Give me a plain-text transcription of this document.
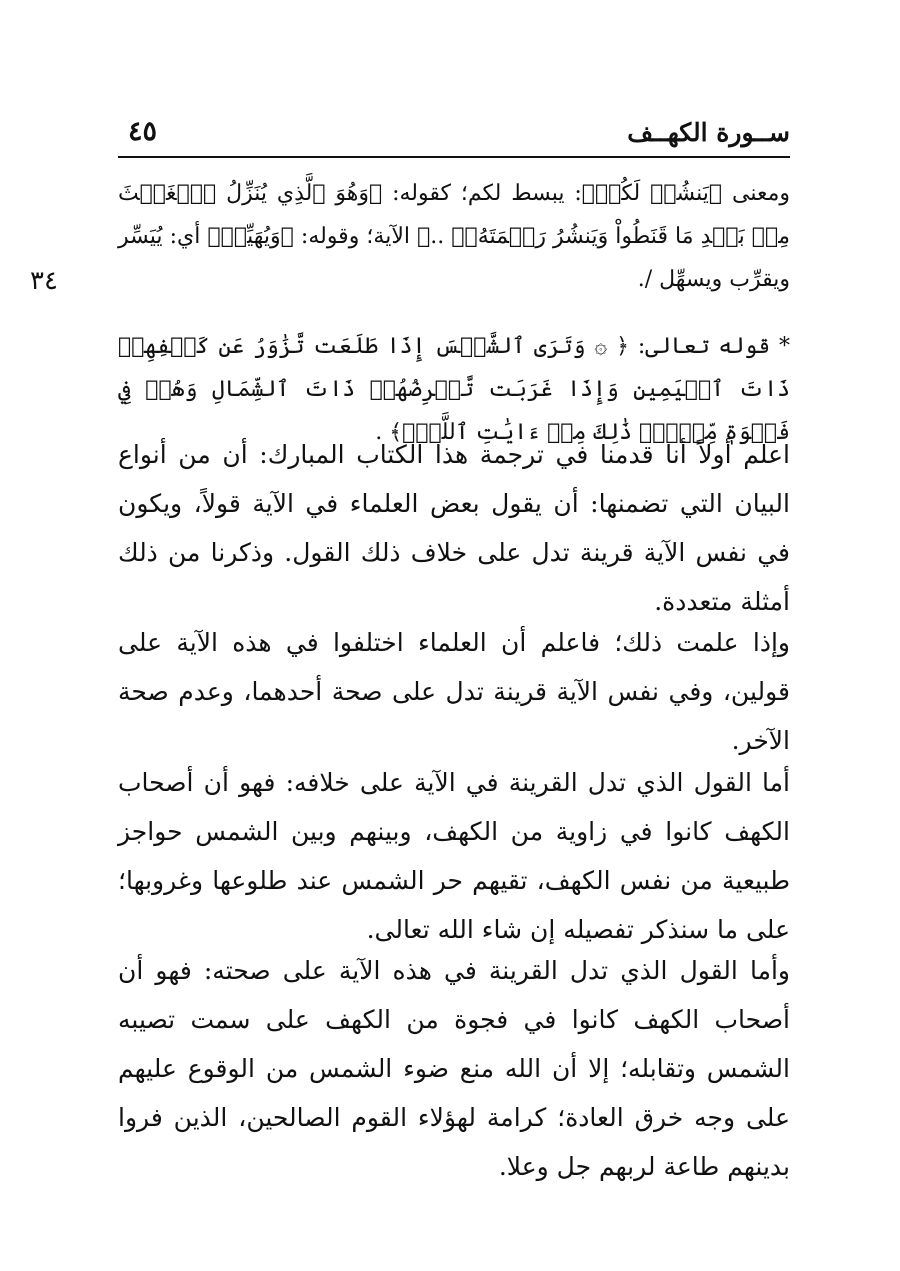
ســورة الكهــف
٤٥
٣٤

ومعنى ﴿يَنشُرۡ لَكُمۡ﴾: يبسط لكم؛ كقوله: ﴿وَهُوَ ٱلَّذِي يُنَزِّلُ ٱلۡغَيۡثَ مِنۢ بَعۡدِ مَا قَنَطُواْ وَيَنشُرُ رَحۡمَتَهُۥۚ ..﴾ الآية؛ وقوله: ﴿وَيُهَيِّئۡ﴾ أي: يُيَسِّر ويقرِّب ويسهِّل /.

* قوله تعالى: ﴿ ۞ وَتَرَى ٱلشَّمۡسَ إِذَا طَلَعَت تَّزَٰوَرُ عَن كَهۡفِهِمۡ ذَاتَ ٱلۡيَمِينِ وَإِذَا غَرَبَت تَّقۡرِضُهُمۡ ذَاتَ ٱلشِّمَالِ وَهُمۡ فِي فَجۡوَةٖ مِّنۡهُۚ ذَٰلِكَ مِنۡ ءَايَٰتِ ٱللَّهِۗ﴾ .

اعلم أولاً أنا قدمنا في ترجمة هذا الكتاب المبارك: أن من أنواع البيان التي تضمنها: أن يقول بعض العلماء في الآية قولاً، ويكون في نفس الآية قرينة تدل على خلاف ذلك القول. وذكرنا من ذلك أمثلة متعددة.

وإذا علمت ذلك؛ فاعلم أن العلماء اختلفوا في هذه الآية على قولين، وفي نفس الآية قرينة تدل على صحة أحدهما، وعدم صحة الآخر.

أما القول الذي تدل القرينة في الآية على خلافه: فهو أن أصحاب الكهف كانوا في زاوية من الكهف، وبينهم وبين الشمس حواجز طبيعية من نفس الكهف، تقيهم حر الشمس عند طلوعها وغروبها؛ على ما سنذكر تفصيله إن شاء الله تعالى.

وأما القول الذي تدل القرينة في هذه الآية على صحته: فهو أن أصحاب الكهف كانوا في فجوة من الكهف على سمت تصيبه الشمس وتقابله؛ إلا أن الله منع ضوء الشمس من الوقوع عليهم على وجه خرق العادة؛ كرامة لهؤلاء القوم الصالحين، الذين فروا بدينهم طاعة لربهم جل وعلا.
